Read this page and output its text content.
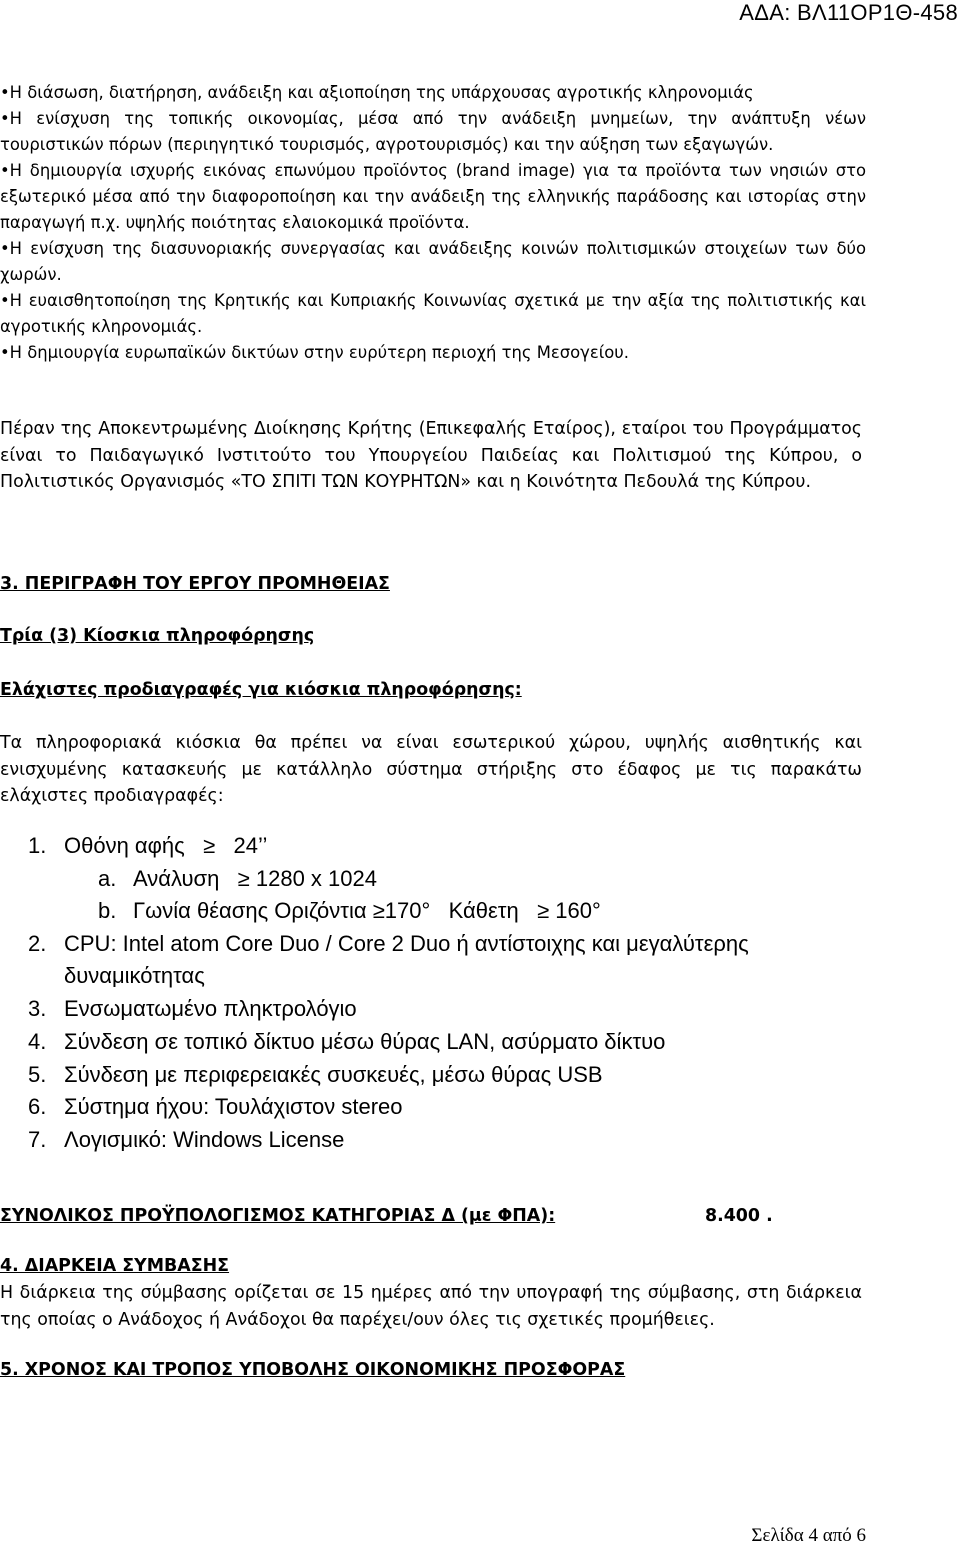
ΑΔΑ: ΒΛ11ΟΡ1Θ-458

•Η διάσωση, διατήρηση, ανάδειξη και αξιοποίηση της υπάρχουσας αγροτικής κληρονομιάς

•Η ενίσχυση της τοπικής οικονομίας, μέσα από την ανάδειξη μνημείων, την ανάπτυξη νέων τουριστικών πόρων (περιηγητικό τουρισμός, αγροτουρισμός) και την αύξηση των εξαγωγών.

•Η δημιουργία ισχυρής εικόνας επωνύμου προϊόντος (brand image) για τα προϊόντα των νησιών στο εξωτερικό μέσα από την διαφοροποίηση και την ανάδειξη της ελληνικής παράδοσης και ιστορίας στην παραγωγή π.χ. υψηλής ποιότητας ελαιοκομικά προϊόντα.

•Η ενίσχυση της διασυνοριακής συνεργασίας και ανάδειξης κοινών πολιτισμικών στοιχείων των δύο χωρών.

•Η ευαισθητοποίηση της Κρητικής και Κυπριακής Κοινωνίας σχετικά με την αξία της πολιτιστικής και αγροτικής κληρονομιάς.

•Η δημιουργία ευρωπαϊκών δικτύων στην ευρύτερη περιοχή της Μεσογείου.

Πέραν της Αποκεντρωμένης Διοίκησης Κρήτης (Επικεφαλής Εταίρος), εταίροι του Προγράμματος είναι το Παιδαγωγικό Ινστιτούτο του Υπουργείου Παιδείας και Πολιτισμού της Κύπρου, ο Πολιτιστικός Οργανισμός «ΤΟ ΣΠΙΤΙ ΤΩΝ ΚΟΥΡΗΤΩΝ» και η Κοινότητα Πεδουλά της Κύπρου.

3. ΠΕΡΙΓΡΑΦΗ ΤΟΥ ΕΡΓΟΥ ΠΡΟΜΗΘΕΙΑΣ

Τρία (3) Κίοσκια πληροφόρησης

Ελάχιστες προδιαγραφές για κιόσκια πληροφόρησης:

Τα πληροφοριακά κιόσκια θα πρέπει να είναι εσωτερικού χώρου, υψηλής αισθητικής και ενισχυμένης κατασκευής με κατάλληλο σύστημα στήριξης στο έδαφος με τις παρακάτω ελάχιστες προδιαγραφές:

1. Οθόνη αφής ≥ 24’’
a. Ανάλυση ≥ 1280 x 1024
b. Γωνία θέασης Οριζόντια ≥170° Κάθετη ≥ 160°
2. CPU: Intel atom Core Duo / Core 2 Duo ή αντίστοιχης και μεγαλύτερης
δυναμικότητας
3. Ενσωματωμένο πληκτρολόγιο
4. Σύνδεση σε τοπικό δίκτυο μέσω θύρας LAN, ασύρματο δίκτυο
5. Σύνδεση με περιφερειακές συσκευές, μέσω θύρας USB
6. Σύστημα ήχου: Τουλάχιστον stereo
7. Λογισμικό: Windows License
ΣΥΝΟΛΙΚΟΣ ΠΡΟΫΠΟΛΟΓΙΣΜΟΣ ΚΑΤΗΓΟΡΙΑΣ Δ (με ΦΠΑ):	8.400 .

4. ΔΙΑΡΚΕΙΑ ΣΥΜΒΑΣΗΣ

Η διάρκεια της σύμβασης ορίζεται σε 15 ημέρες από την υπογραφή της σύμβασης, στη διάρκεια της οποίας ο Ανάδοχος ή Ανάδοχοι θα παρέχει/ουν όλες τις σχετικές προμήθειες.

5. ΧΡΟΝΟΣ ΚΑΙ ΤΡΟΠΟΣ ΥΠΟΒΟΛΗΣ ΟΙΚΟΝΟΜΙΚΗΣ ΠΡΟΣΦΟΡΑΣ

Σελίδα 4 από 6
